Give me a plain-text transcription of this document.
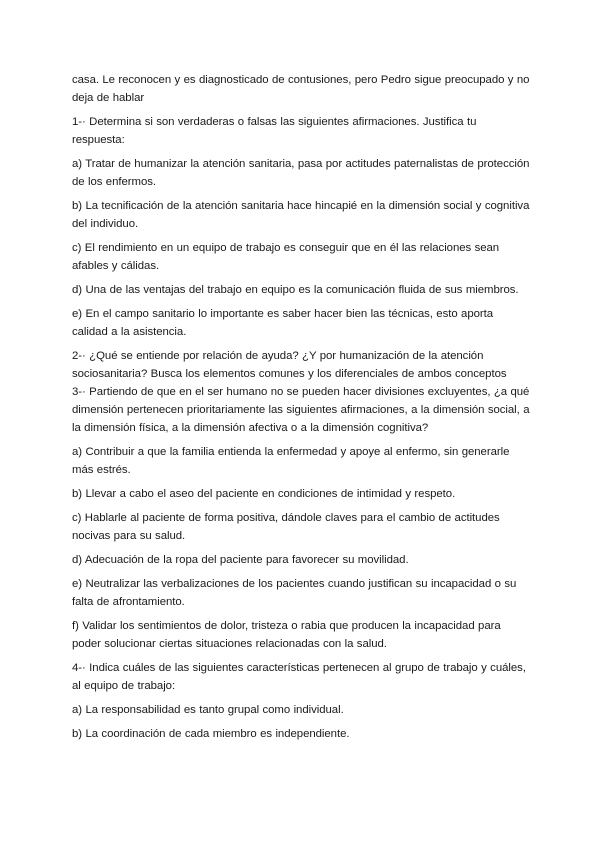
casa. Le reconocen y es diagnosticado de contusiones, pero Pedro sigue preocupado y no deja de hablar

1-· Determina si son verdaderas o falsas las siguientes afirmaciones. Justifica tu respuesta:

a) Tratar de humanizar la atención sanitaria, pasa por actitudes paternalistas de protección de los enfermos.

b) La tecnificación de la atención sanitaria hace hincapié en la dimensión social y cognitiva del individuo.

c) El rendimiento en un equipo de trabajo es conseguir que en él las relaciones sean afables y cálidas.

d) Una de las ventajas del trabajo en equipo es la comunicación fluida de sus miembros.

e) En el campo sanitario lo importante es saber hacer bien las técnicas, esto aporta calidad a la asistencia.

2-· ¿Qué se entiende por relación de ayuda? ¿Y por humanización de la atención sociosanitaria? Busca los elementos comunes y los diferenciales de ambos conceptos

3-· Partiendo de que en el ser humano no se pueden hacer divisiones excluyentes, ¿a qué dimensión pertenecen prioritariamente las siguientes afirmaciones, a la dimensión social, a la dimensión física, a la dimensión afectiva o a la dimensión cognitiva?

a) Contribuir a que la familia entienda la enfermedad y apoye al enfermo, sin generarle más estrés.

b) Llevar a cabo el aseo del paciente en condiciones de intimidad y respeto.

c) Hablarle al paciente de forma positiva, dándole claves para el cambio de actitudes nocivas para su salud.

d) Adecuación de la ropa del paciente para favorecer su movilidad.

e) Neutralizar las verbalizaciones de los pacientes cuando justifican su incapacidad o su falta de afrontamiento.

f) Validar los sentimientos de dolor, tristeza o rabia que producen la incapacidad para poder solucionar ciertas situaciones relacionadas con la salud.

4-· Indica cuáles de las siguientes características pertenecen al grupo de trabajo y cuáles, al equipo de trabajo:

a) La responsabilidad es tanto grupal como individual.

b) La coordinación de cada miembro es independiente.
